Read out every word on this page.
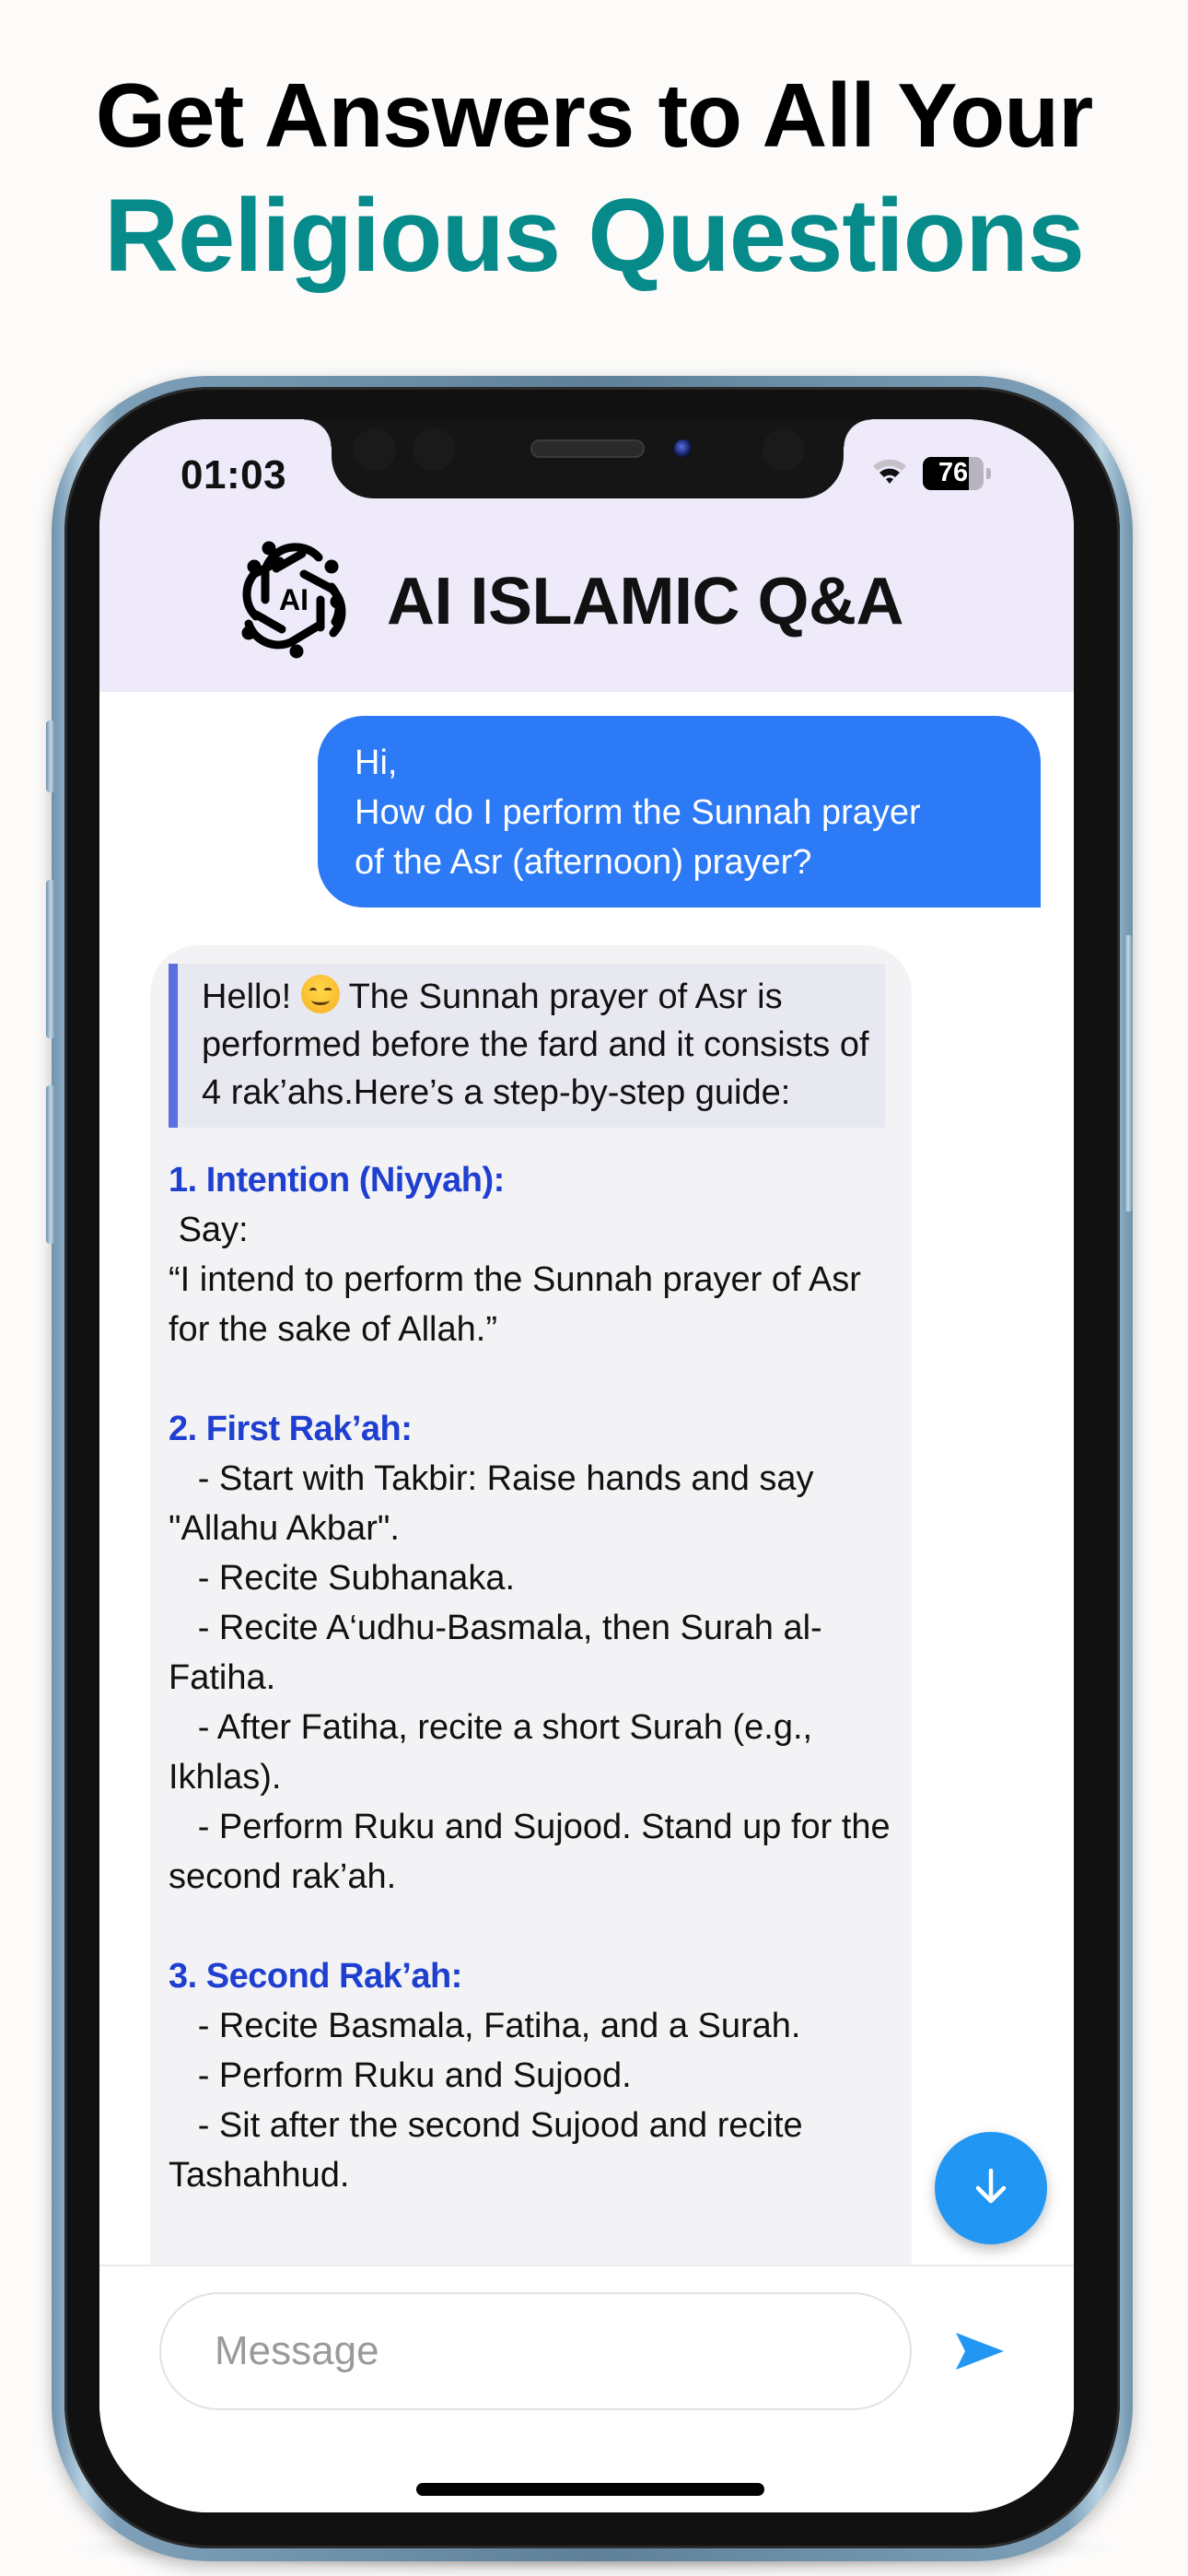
Get Answers to All Your
Religious Questions
01:03	76
AI AI ISLAMIC Q&A
Hi,
How do I perform the Sunnah prayer
of the Asr (afternoon) prayer?
Hello!
The Sunnah prayer of Asr is performed before the fard and it consists of 4 rak’ahs.Here’s a step-by-step guide:
1. Intention (Niyyah):
Say:
“I intend to perform the Sunnah prayer of Asr for the sake of Allah.”
2. First Rak’ah:
- Start with Takbir: Raise hands and say "Allahu Akbar".
- Recite Subhanaka.
- Recite A‘udhu-Basmala, then Surah al-Fatiha.
- After Fatiha, recite a short Surah (e.g., Ikhlas).
- Perform Ruku and Sujood. Stand up for the second rak’ah.
3. Second Rak’ah:
- Recite Basmala, Fatiha, and a Surah.
- Perform Ruku and Sujood.
- Sit after the second Sujood and recite Tashahhud.
Message
